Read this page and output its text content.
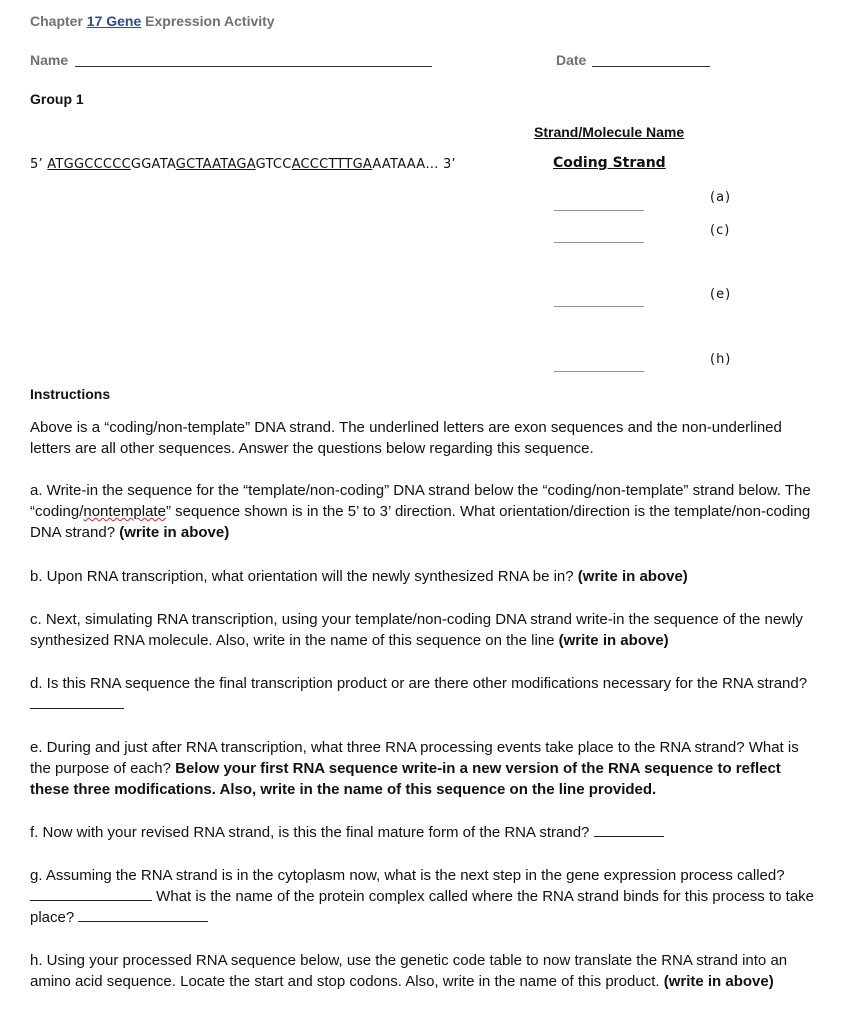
Chapter 17 Gene Expression Activity
Name	Date
Group 1
Strand/Molecule Name
5’ ATGGCCCCCGGATAGCTAATAGAGTCCACCCTTTGAAATAAA… 3’	Coding Strand
_____________	(a)
_____________	(c)
_____________	(e)
_____________	(h)
Instructions
Above is a “coding/non-template” DNA strand. The underlined letters are exon sequences and the non-underlined letters are all other sequences. Answer the questions below regarding this sequence.
a. Write-in the sequence for the “template/non-coding” DNA strand below the “coding/non-template” strand below. The “coding/nontemplate” sequence shown is in the 5’ to 3’ direction. What orientation/direction is the template/non-coding DNA strand? (write in above)
b. Upon RNA transcription, what orientation will the newly synthesized RNA be in? (write in above)
c. Next, simulating RNA transcription, using your template/non-coding DNA strand write-in the sequence of the newly synthesized RNA molecule. Also, write in the name of this sequence on the line (write in above)
d. Is this RNA sequence the final transcription product or are there other modifications necessary for the RNA strand?
e. During and just after RNA transcription, what three RNA processing events take place to the RNA strand? What is the purpose of each? Below your first RNA sequence write-in a new version of the RNA sequence to reflect these three modifications. Also, write in the name of this sequence on the line provided.
f. Now with your revised RNA strand, is this the final mature form of the RNA strand?
g. Assuming the RNA strand is in the cytoplasm now, what is the next step in the gene expression process called?  What is the name of the protein complex called where the RNA strand binds for this process to take place?
h. Using your processed RNA sequence below, use the genetic code table to now translate the RNA strand into an amino acid sequence. Locate the start and stop codons. Also, write in the name of this product. (write in above)
